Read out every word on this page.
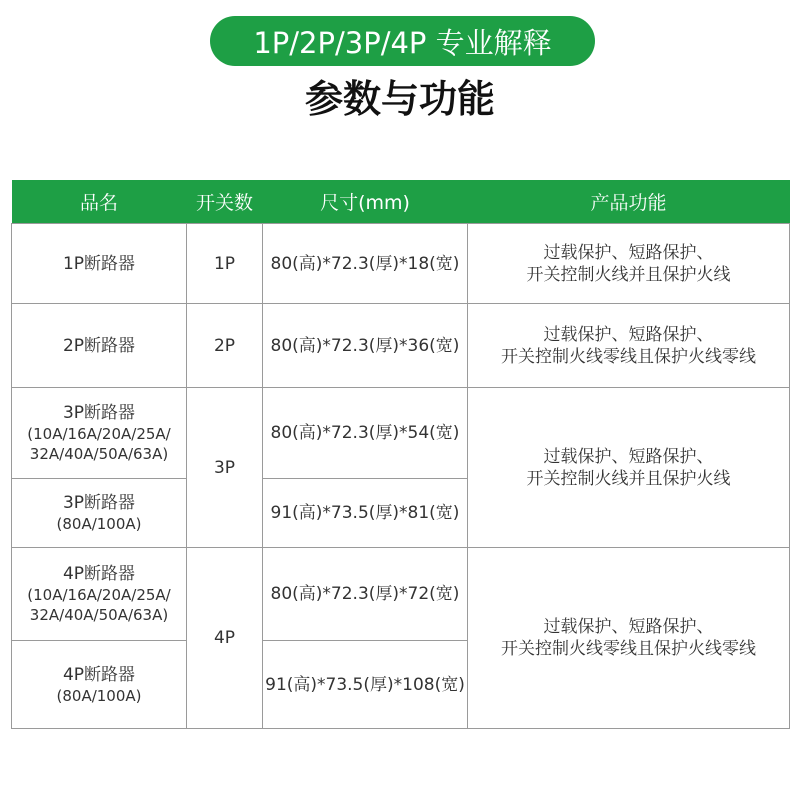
1P/2P/3P/4P 专业解释
参数与功能
品名	开关数	尺寸(mm)	产品功能
1P断路器	1P	80(高)*72.3(厚)*18(宽)	过载保护、短路保护、
开关控制火线并且保护火线

2P断路器	2P	80(高)*72.3(厚)*36(宽)	过载保护、短路保护、
开关控制火线零线且保护火线零线

3P断路器
(10A/16A/20A/25A/
32A/40A/50A/63A)	3P	80(高)*72.3(厚)*54(宽)	过载保护、短路保护、
开关控制火线并且保护火线

3P断路器
(80A/100A)		91(高)*73.5(厚)*81(宽)	

4P断路器
(10A/16A/20A/25A/
32A/40A/50A/63A)	4P	80(高)*72.3(厚)*72(宽)	过载保护、短路保护、
开关控制火线零线且保护火线零线

4P断路器
(80A/100A)		91(高)*73.5(厚)*108(宽)	
